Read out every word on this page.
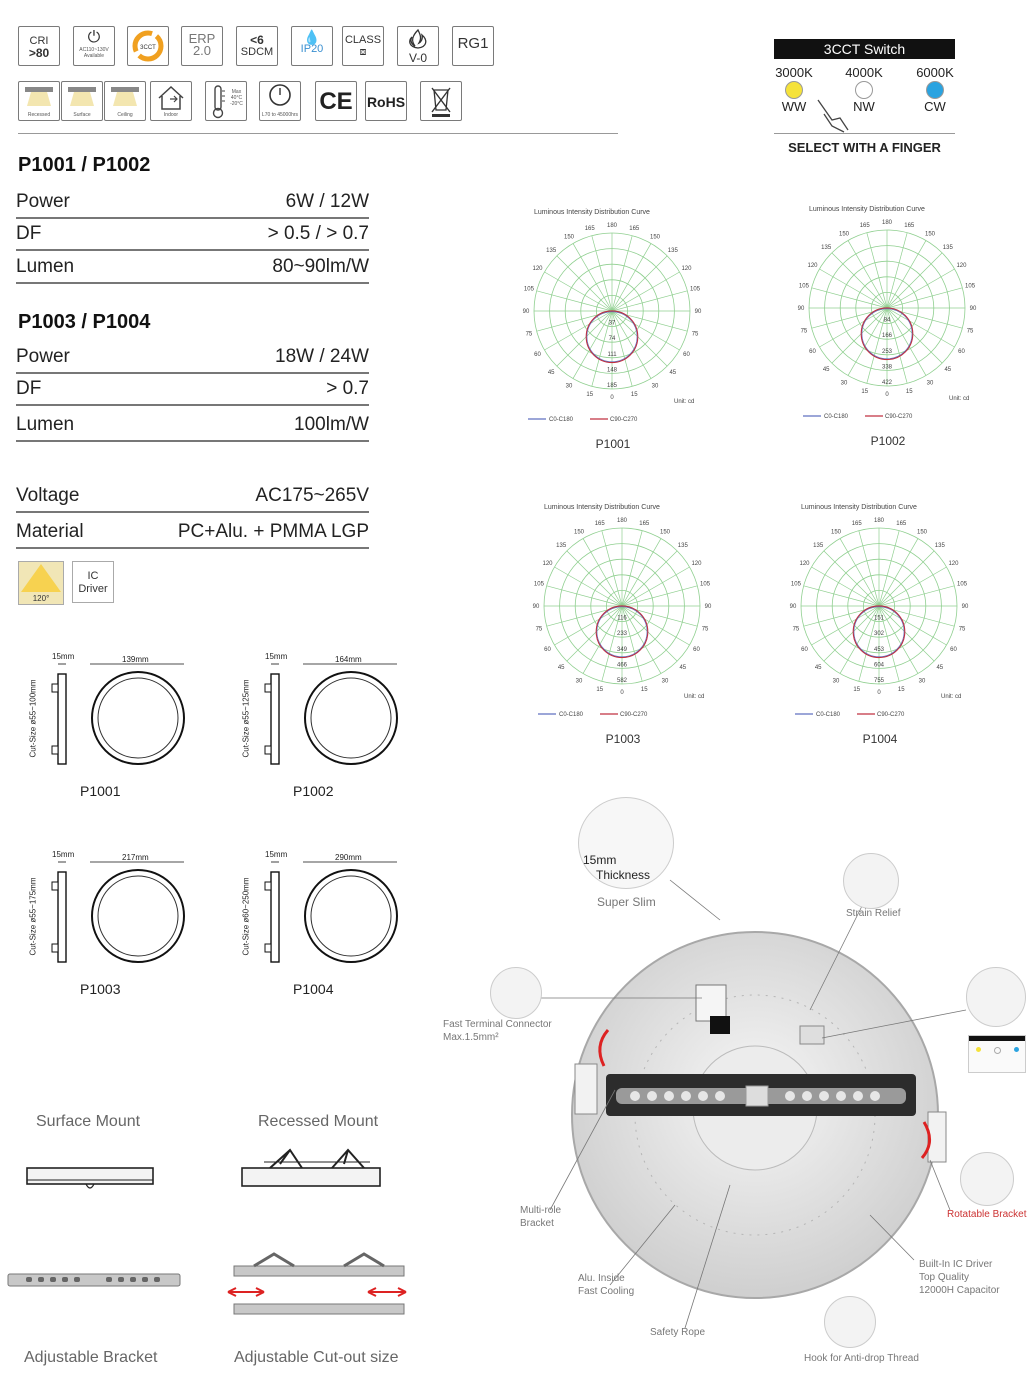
CRI
>80
⏻
AC110~130V Available
3CCT
ERP
2.0
<6
SDCM
💧
IP20
CLASS
⧈	V-0
RG1
Recessed	Surface	Ceiling	Indoor
Max 40°C -20°C
L70 to 45000hrs CE	RoHS
3CCT Switch
3000K 4000K	6000K
WW	NW	CW
SELECT WITH A FINGER
P1001 / P1002
Power	6W / 12W
DF	> 0.5 / > 0.7
Lumen	80~90lm/W
P1003 / P1004
Power	18W / 24W
DF	> 0.7
Lumen	100lm/W
Voltage	AC175~265V
Material	PC+Alu. + PMMA LGP
120°
IC Driver
Luminous Intensity Distribution Curve
180 165
165
150
150
135
135
120
120
105
105
90
90
75
75
60
60
45
45
30
30
15
15	0
37
74
111
148
185
Unit: cd
C0-C180	C90-C270
P1001
Luminous Intensity Distribution Curve
180 165
165
150
150
135
135
120
120
105
105
90
90
75
75
60
60
45
45
30
30
15
15	0
84
166
253
338
422
Unit: cd
C0-C180	C90-C270
P1002
Luminous Intensity Distribution Curve
180 165
165
150
150
135
135
120
120
105
105
90
90
75
75
60
60
45
45
30
30
15
15	0
116
233
349
466
582
Unit: cd
C0-C180	C90-C270
P1003
Luminous Intensity Distribution Curve
180 165
165
150
150
135
135
120
120
105
105
90
90
75
75
60
60
45
45
30
30
15
15	0
151
302
453
604
755
Unit: cd
C0-C180	C90-C270
P1004
15mm	139mm
Cut-Size ø55~100mm
P1001
15mm	164mm
Cut-Size ø55~125mm
P1002
15mm	217mm
Cut-Size ø55~175mm
P1003
15mm	290mm
Cut-Size ø60~250mm
P1004
Surface Mount	Recessed Mount
Adjustable Bracket	Adjustable Cut-out size
15mm
Thickness
Super Slim
Strain Relief
Fast Terminal Connector
Max.1.5mm²
Multi-role
Bracket
Alu. Inside
Fast Cooling
Safety Rope
Rotatable Bracket
Built-In IC Driver
Top Quality
12000H Capacitor
Hook for Anti-drop Thread
